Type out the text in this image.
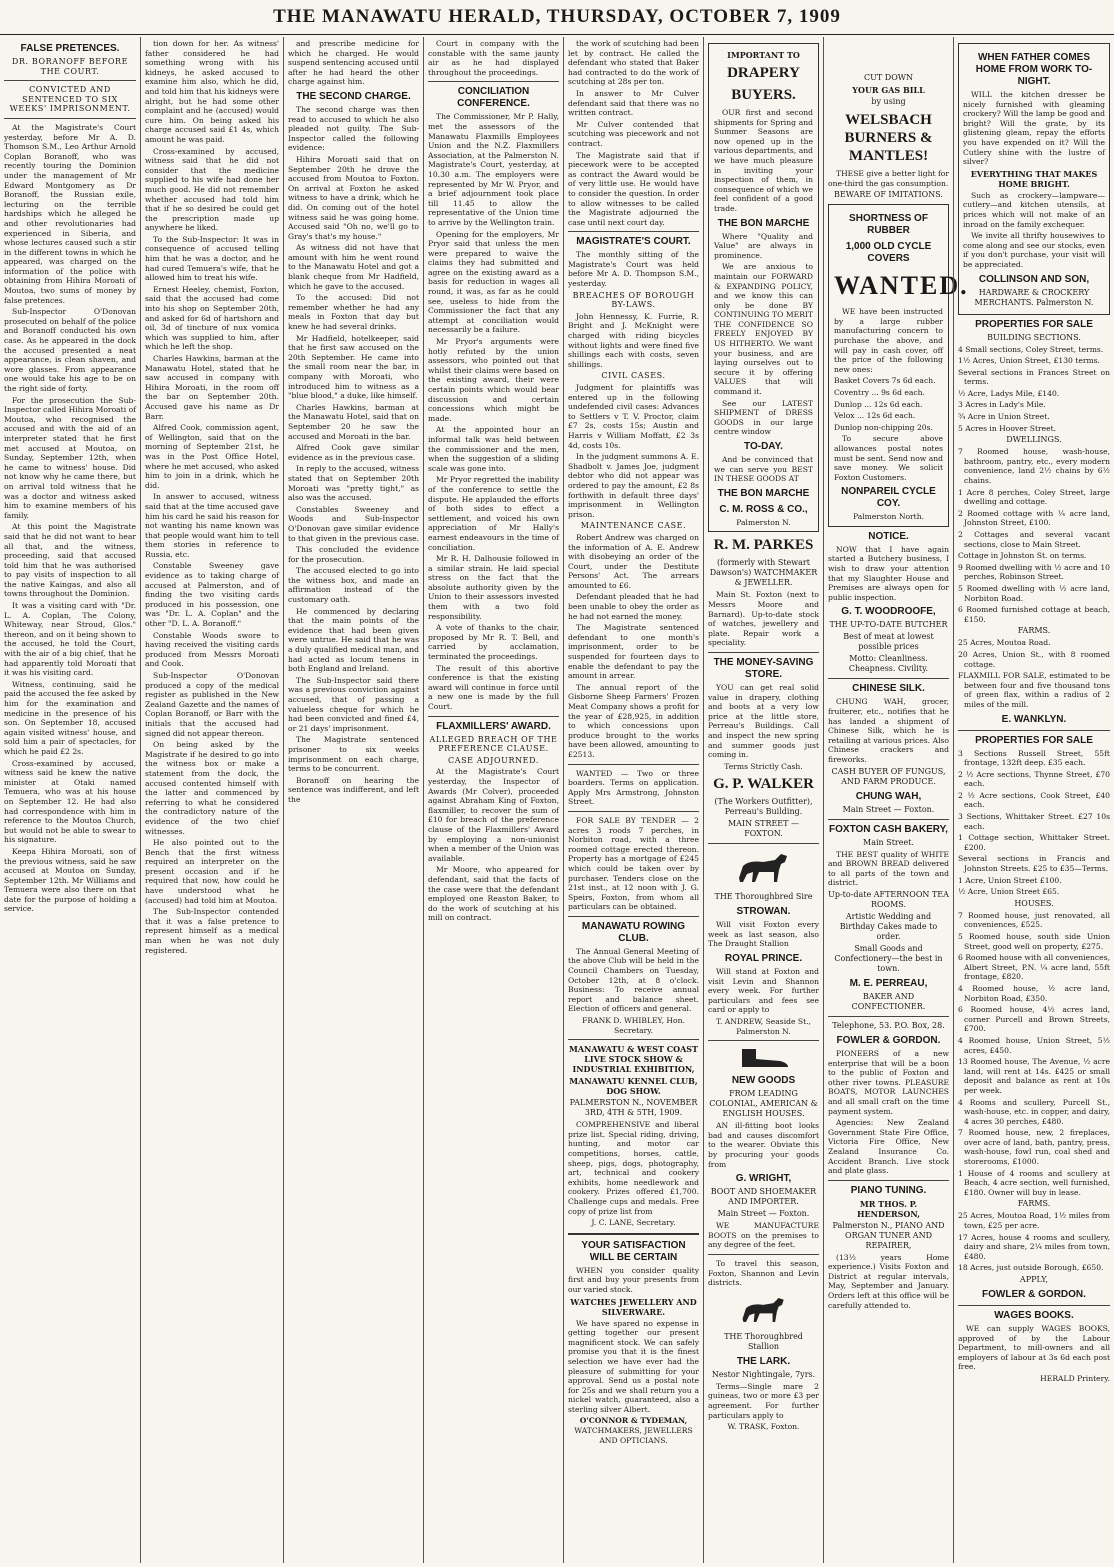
THE MANAWATU HERALD, THURSDAY, OCTOBER 7, 1909
FALSE PRETENCES.
DR. BORANOFF BEFORE THE COURT.
CONVICTED AND SENTENCED TO SIX WEEKS' IMPRISONMENT.

At the Magistrate's Court yesterday, before Mr A. D. Thomson S.M., Leo Arthur Arnold Coplan Boranoff, who was recently touring the Dominion under the management of Mr Edward Montgomery as Dr Boranoff, the Russian exile, lecturing on the terrible hardships which he alleged he and other revolutionaries had experienced in Siberia, and whose lectures caused such a stir in the different towns in which he appeared, was charged on the information of the police with obtaining from Hihira Moroati of Moutoa, two sums of money by false pretences.

Sub-Inspector O'Donovan prosecuted on behalf of the police and Boranoff conducted his own case. As he appeared in the dock the accused presented a neat appearance, is clean shaven, and wore glasses. From appearance one would take his age to be on the right side of forty.

For the prosecution the Sub-Inspector called Hihira Moroati of Moutoa, who recognised the accused and with the aid of an interpreter stated that he first met accused at Moutoa, on Sunday, September 12th, when he came to witness' house. Did not know why he came there, but on arrival told witness that he was a doctor and witness asked him to examine members of his family.

At this point the Magistrate said that he did not want to hear all that, and the witness, proceeding, said that accused told him that he was authorised to pay visits of inspection to all the native Kaingas, and also all towns throughout the Dominion.

It was a visiting card with "Dr. L. A. Coplan, The Colony, Whiteway, near Stroud, Glos." thereon, and on it being shown to the accused, he told the Court, with the air of a big chief, that he had apparently told Moroati that it was his visiting card.

Witness, continuing, said he paid the accused the fee asked by him for the examination and medicine in the presence of his son. On September 18, accused again visited witness' house, and sold him a pair of spectacles, for which he paid £2 2s.

Cross-examined by accused, witness said he knew the native minister at Otaki named Temuera, who was at his house on September 12. He had also had correspondence with him in reference to the Moutoa Church, but would not be able to swear to his signature.

Keepa Hihira Moroati, son of the previous witness, said he saw accused at Moutoa on Sunday, September 12th. Mr Williams and Temuera were also there on that date for the purpose of holding a service.

tion down for her. As witness' father considered he had something wrong with his kidneys, he asked accused to examine him also, which he did, and told him that his kidneys were alright, but he had some other complaint and he (accused) would cure him. On being asked his charge accused said £1 4s, which amount he was paid.

Cross-examined by accused, witness said that he did not consider that the medicine supplied to his wife had done her much good. He did not remember whether accused had told him that if he so desired he could get the prescription made up anywhere he liked.

To the Sub-Inspector: It was in consequence of accused telling him that he was a doctor, and he had cured Temuera's wife, that he allowed him to treat his wife.

Ernest Heeley, chemist, Foxton, said that the accused had come into his shop on September 20th, and asked for 6d of hartshorn and oil, 3d of tincture of nux vomica which was supplied to him, after which he left the shop.

Charles Hawkins, barman at the Manawatu Hotel, stated that he saw accused in company with Hihira Moroati, in the room off the bar on September 20th. Accused gave his name as Dr Barr.

Alfred Cook, commission agent, of Wellington, said that on the morning of September 21st, he was in the Post Office Hotel, where he met accused, who asked him to join in a drink, which he did.

In answer to accused, witness said that at the time accused gave him his card he said his reason for not wanting his name known was that people would want him to tell them stories in reference to Russia, etc.

Constable Sweeney gave evidence as to taking charge of accused at Palmerston, and of finding the two visiting cards produced in his possession, one was "Dr. L. A. Coplan" and the other "D. L. A. Boranoff."

Constable Woods swore to having received the visiting cards produced from Messrs Moroati and Cook.

Sub-Inspector O'Donovan produced a copy of the medical register as published in the New Zealand Gazette and the names of Coplan Boranoff, or Barr with the initials that the accused had signed did not appear thereon.

On being asked by the Magistrate if he desired to go into the witness box or make a statement from the dock, the accused contented himself with the latter and commenced by referring to what he considered the contradictory nature of the evidence of the two chief witnesses.

He also pointed out to the Bench that the first witness required an interpreter on the present occasion and if he required that now, how could he have understood what he (accused) had told him at Moutoa.

The Sub-Inspector contended that it was a false pretence to represent himself as a medical man when he was not duly registered.

and prescribe medicine for which he charged. He would suspend sentencing accused until after he had heard the other charge against him.

THE SECOND CHARGE.

The second charge was then read to accused to which he also pleaded not guilty. The Sub-Inspector called the following evidence:

Hihira Moroati said that on September 20th he drove the accused from Moutoa to Foxton. On arrival at Foxton he asked witness to have a drink, which he did. On coming out of the hotel witness said he was going home. Accused said "Oh no, we'll go to Gray's that's my house."

As witness did not have that amount with him he went round to the Manawatu Hotel and got a blank cheque from Mr Hadfield, which he gave to the accused.

To the accused: Did not remember whether he had any meals in Foxton that day but knew he had several drinks.

Mr Hadfield, hotelkeeper, said that he first saw accused on the 20th September. He came into the small room near the bar, in company with Moroati, who introduced him to witness as a "blue blood," a duke, like himself.

Charles Hawkins, barman at the Manawatu Hotel, said that on September 20 he saw the accused and Moroati in the bar.

Alfred Cook gave similar evidence as in the previous case.

In reply to the accused, witness stated that on September 20th Moroati was "pretty tight," as also was the accused.

Constables Sweeney and Woods and Sub-Inspector O'Donovan gave similar evidence to that given in the previous case.

This concluded the evidence for the prosecution.

The accused elected to go into the witness box, and made an affirmation instead of the customary oath.

He commenced by declaring that the main points of the evidence that had been given were untrue. He said that he was a duly qualified medical man, and had acted as locum tenens in both England and Ireland.

The Sub-Inspector said there was a previous conviction against accused, that of passing a valueless cheque for which he had been convicted and fined £4, or 21 days' imprisonment.

The Magistrate sentenced prisoner to six weeks imprisonment on each charge, terms to be concurrent.

Boranoff on hearing the sentence was indifferent, and left the

Court in company with the constable with the same jaunty air as he had displayed throughout the proceedings.

CONCILIATION CONFERENCE.

The Commissioner, Mr P. Hally, met the assessors of the Manawatu Flaxmills Employees Union and the N.Z. Flaxmillers Association, at the Palmerston N. Magistrate's Court, yesterday, at 10.30 a.m. The employers were represented by Mr W. Pryor, and a brief adjournment took place till 11.45 to allow the representative of the Union time to arrive by the Wellington train.

Opening for the employers, Mr Pryor said that unless the men were prepared to waive the claims they had submitted and agree on the existing award as a basis for reduction in wages all round, it was, as far as he could see, useless to hide from the Commissioner the fact that any attempt at conciliation would necessarily be a failure.

Mr Pryor's arguments were hotly refuted by the union assessors, who pointed out that whilst their claims were based on the existing award, their were certain points which would bear discussion and certain concessions which might be made.

At the appointed hour an informal talk was held between the commissioner and the men, when the suggestion of a sliding scale was gone into.

Mr Pryor regretted the inability of the conference to settle the dispute. He applauded the efforts of both sides to effect a settlement, and voiced his own appreciation of Mr Hally's earnest endeavours in the time of conciliation.

Mr R. H. Dalhousie followed in a similar strain. He laid special stress on the fact that the absolute authority given by the Union to their assessors invested them with a two fold responsibility.

A vote of thanks to the chair, proposed by Mr R. T. Bell, and carried by acclamation, terminated the proceedings.

The result of this abortive conference is that the existing award will continue in force until a new one is made by the full Court.

FLAXMILLERS' AWARD.
ALLEGED BREACH OF THE PREFERENCE CLAUSE.
CASE ADJOURNED.

At the Magistrate's Court yesterday, the Inspector of Awards (Mr Colver), proceeded against Abraham King of Foxton, flaxmiller, to recover the sum of £10 for breach of the preference clause of the Flaxmillers' Award by employing a non-unionist when a member of the Union was available.

Mr Moore, who appeared for defendant, said that the facts of the case were that the defendant employed one Reaston Baker, to do the work of scutching at his mill on contract.

the work of scutching had been let by contract. He called the defendant who stated that Baker had contracted to do the work of scutching at 28s per ton.

In answer to Mr Culver defendant said that there was no written contract.

Mr Culver contended that scutching was piecework and not contract.

The Magistrate said that if piecework were to be accepted as contract the Award would be of very little use. He would have to consider the question. In order to allow witnesses to be called the Magistrate adjourned the case until next court day.

MAGISTRATE'S COURT.

The monthly sitting of the Magistrate's Court was held before Mr A. D. Thompson S.M., yesterday.

BREACHES OF BOROUGH BY-LAWS.

John Hennessy, K. Furrie, R. Bright and J. McKnight were charged with riding bicycles without lights and were fined five shillings each with costs, seven shillings.

CIVIL CASES.

Judgment for plaintiffs was entered up in the following undefended civil cases: Advances to Settlers v T. V. Proctor, claim £7 2s, costs 15s; Austin and Harris v William Moffatt, £2 3s 4d, costs 10s.

In the judgment summons A. E. Shadbolt v. James Joe, judgment debtor who did not appear was ordered to pay the amount, £2 8s forthwith in default three days' imprisonment in Wellington prison.

MAINTENANCE CASE.

Robert Andrew was charged on the information of A. E. Andrew with disobeying an order of the Court, under the Destitute Persons' Act. The arrears amounted to £6.

Defendant pleaded that he had been unable to obey the order as he had not earned the money.

The Magistrate sentenced defendant to one month's imprisonment, order to be suspended for fourteen days to enable the defendant to pay the amount in arrear.

The annual report of the Gisborne Sheep Farmers' Frozen Meat Company shows a profit for the year of £28,925, in addition to which concessions upon produce brought to the works have been allowed, amounting to £2513.

WANTED — Two or three boarders. Terms on application. Apply Mrs Armstrong, Johnston Street.

FOR SALE BY TENDER — 2 acres 3 roods 7 perches, in Norbiton road, with a three roomed cottage erected thereon. Property has a mortgage of £245 which could be taken over by purchaser. Tenders close on the 21st inst., at 12 noon with J. G. Speirs, Foxton, from whom all particulars can be obtained.

MANAWATU ROWING CLUB.

The Annual General Meeting of the above Club will be held in the Council Chambers on Tuesday, October 12th, at 8 o'clock. Business: To receive annual report and balance sheet. Election of officers and general.

FRANK D. WHIBLEY, Hon. Secretary.
MANAWATU & WEST COAST LIVE STOCK SHOW & INDUSTRIAL EXHIBITION,
MANAWATU KENNEL CLUB, DOG SHOW.
PALMERSTON N., NOVEMBER 3RD, 4TH & 5TH, 1909.

COMPREHENSIVE and liberal prize list. Special riding, driving, hunting, and motor car competitions, horses, cattle, sheep, pigs, dogs, photography, art, technical and cookery exhibits, home needlework and cookery. Prizes offered £1,700. Challenge cups and medals. Free copy of prize list from

J. C. LANE, Secretary.
YOUR SATISFACTION WILL BE CERTAIN

WHEN you consider quality first and buy your presents from our varied stock.

WATCHES JEWELLERY AND SILVERWARE.

We have spared no expense in getting together our present magnificent stock. We can safely promise you that it is the finest selection we have ever had the pleasure of submitting for your approval. Send us a postal note for 25s and we shall return you a nickel watch, guaranteed, also a sterling silver Albert.

O'CONNOR & TYDEMAN,
WATCHMAKERS, JEWELLERS AND OPTICIANS.
IMPORTANT TO
DRAPERY
BUYERS.

OUR first and second shipments for Spring and Summer Seasons are now opened up in the various departments, and we have much pleasure in inviting your inspection of them, in consequence of which we feel confident of a good trade.

THE BON MARCHE

Where "Quality and Value" are always in prominence.

We are anxious to maintain our FORWARD & EXPANDING POLICY, and we know this can only be done BY CONTINUING TO MERIT THE CONFIDENCE SO FREELY ENJOYED BY US HITHERTO. We want your business, and are laying ourselves out to secure it by offering VALUES that will command it.

See our LATEST SHIPMENT of DRESS GOODS in our large centre window

TO-DAY.

And be convinced that we can serve you BEST IN THESE GOODS AT

THE BON MARCHE
C. M. ROSS & CO.,
Palmerston N.
R. M. PARKES
(formerly with Stewart Dawson's) WATCHMAKER & JEWELLER.

Main St. Foxton (next to Messrs Moore and Barnard). Up-to-date stock of watches, jewellery and plate. Repair work a speciality.

THE MONEY-SAVING STORE.

YOU can get real solid value in drapery, clothing and boots at a very low price at the little store, Perreau's Buildings. Call and inspect the new spring and summer goods just coming in.

Terms Strictly Cash.
G. P. WALKER
(The Workers Outfitter), Perreau's Building.
MAIN STREET — FOXTON.
THE Thoroughbred Sire
STROWAN.

Will visit Foxton every week as last season, also The Draught Stallion

ROYAL PRINCE.

Will stand at Foxton and visit Levin and Shannon every week. For further particulars and fees see card or apply to

T. ANDREW, Seaside St., Palmerston N.
NEW GOODS
FROM LEADING COLONIAL, AMERICAN & ENGLISH HOUSES.

AN ill-fitting boot looks bad and causes discomfort to the wearer. Obviate this by procuring your goods from

G. WRIGHT,
BOOT AND SHOEMAKER AND IMPORTER.
Main Street — Foxton.

WE MANUFACTURE BOOTS on the premises to any degree of the feet.

To travel this season, Foxton, Shannon and Levin districts.

THE Thoroughbred Stallion
THE LARK.
Nestor Nightingale, 7yrs.

Terms—Single mare 2 guineas, two or more £3 per agreement. For further particulars apply to

W. TRASK, Foxton.
CUT DOWN
YOUR GAS BILL
by using
WELSBACH BURNERS & MANTLES!

THESE give a better light for one-third the gas consumption.

BEWARE OF IMITATIONS.
SHORTNESS OF RUBBER
1,000 OLD CYCLE COVERS
WANTED.

WE have been instructed by a large rubber manufacturing concern to purchase the above, and will pay in cash cover, off the price of the following new ones:

Basket Covers 7s 6d each.
Coventry ... 9s 6d each.
Dunlop ... 12s 6d each.
Velox ... 12s 6d each.
Dunlop non-chipping 20s.

To secure above allowances postal notes must be sent. Send now and save money. We solicit Foxton Customers.

NONPAREIL CYCLE COY.
Palmerston North.
NOTICE.

NOW that I have again started a Butchery business, I wish to draw your attention that my Slaughter House and Premises are always open for public inspection.

G. T. WOODROOFE,
THE UP-TO-DATE BUTCHER
Best of meat at lowest possible prices
Motto: Cleanliness. Cheapness. Civility.
CHINESE SILK.

CHUNG WAH, grocer, fruiterer, etc., notifies that he has landed a shipment of Chinese Silk, which he is retailing at various prices. Also Chinese crackers and fireworks.

CASH BUYER OF FUNGUS, AND FARM PRODUCE.
CHUNG WAH,
Main Street — Foxton.
FOXTON CASH BAKERY,
Main Street.

THE BEST quality of WHITE and BROWN BREAD delivered to all parts of the town and district.

Up-to-date AFTERNOON TEA ROOMS.
Artistic Wedding and Birthday Cakes made to order.
Small Goods and Confectionery—the best in town.
M. E. PERREAU,
BAKER AND CONFECTIONER.
Telephone, 53. P.O. Box, 28.
FOWLER & GORDON.

PIONEERS of a new enterprise that will be a boon to the public of Foxton and other river towns. PLEASURE BOATS, MOTOR LAUNCHES and all small craft on the time payment system.

Agencies: New Zealand Government State Fire Office, Victoria Fire Office, New Zealand Insurance Co. Accident Branch. Live stock and plate glass.

PIANO TUNING.
MR THOS. P. HENDERSON,
Palmerston N., PIANO AND ORGAN TUNER AND REPAIRER,

(13½ years Home experience.) Visits Foxton and District at regular intervals, May, September and January. Orders left at this office will be carefully attended to.

WHEN FATHER COMES HOME FROM WORK TO-NIGHT.

WILL the kitchen dresser be nicely furnished with gleaming crockery? Will the lamp be good and bright? Will the grate, by its glistening gleam, repay the efforts you have expended on it? Will the Cutlery shine with the lustre of silver?

EVERYTHING THAT MAKES HOME BRIGHT.

Such as crockery—lampware—cutlery—and kitchen utensils, at prices which will not make of an inroad on the family exchequer.

We invite all thrifty housewives to come along and see our stocks, even if you don't purchase, your visit will be appreciated.

COLLINSON AND SON,
HARDWARE & CROCKERY MERCHANTS. Palmerston N.
PROPERTIES FOR SALE
BUILDING SECTIONS.
4 Small sections, Coley Street, terms.
1½ Acres, Union Street, £130 terms.
Several sections in Frances Street on terms.
½ Acre, Ladys Mile, £140.
3 Acres in Lady's Mile.
¾ Acre in Union Street.
5 Acres in Hoover Street.
DWELLINGS.
7 Roomed house, wash-house, bathroom, pantry, etc., every modern convenience, land 2½ chains by 6½ chains.
1 Acre 8 perches, Coley Street, large dwelling and cottage.
2 Roomed cottage with ¼ acre land, Johnston Street, £100.
2 Cottages and several vacant sections, close to Main Street.
Cottage in Johnston St. on terms.
9 Roomed dwelling with ½ acre and 10 perches, Robinson Street.
5 Roomed dwelling with ½ acre land, Norbiton Road.
6 Roomed furnished cottage at beach, £150.
FARMS.
25 Acres, Moutoa Road.
20 Acres, Union St., with 8 roomed cottage.
FLAXMILL FOR SALE, estimated to be between four and five thousand tons of green flax, within a radius of 2 miles of the mill.
E. WANKLYN.
PROPERTIES FOR SALE
3 Sections Russell Street, 55ft frontage, 132ft deep. £35 each.
2 ½ Acre sections, Thynne Street, £70 each.
2 ½ Acre sections, Cook Street, £40 each.
3 Sections, Whittaker Street. £27 10s each.
1 Cottage section, Whittaker Street. £200.
Several sections in Francis and Johnston Streets. £25 to £35—Terms.
1 Acre, Union Street £100.
½ Acre, Union Street £65.
HOUSES.
7 Roomed house, just renovated, all conveniences, £525.
5 Roomed house, south side Union Street, good well on property, £275.
6 Roomed house with all conveniences, Albert Street, P.N. ¼ acre land, 55ft frontage, £820.
4 Roomed house, ½ acre land, Norbiton Road, £350.
6 Roomed house, 4½ acres land, corner Purcell and Brown Streets, £700.
4 Roomed house, Union Street, 5½ acres, £450.
13 Roomed house, The Avenue, ½ acre land, will rent at 14s. £425 or small deposit and balance as rent at 10s per week.
4 Rooms and scullery, Purcell St., wash-house, etc. in copper, and dairy, 4 acres 30 perches, £480.
7 Roomed house, new, 2 fireplaces, over acre of land, bath, pantry, press, wash-house, fowl run, coal shed and storerooms, £1000.
1 House of 4 rooms and scullery at Beach, 4 acre section, well furnished, £180. Owner will buy in lease.
FARMS.
25 Acres, Moutoa Road, 1½ miles from town, £25 per acre.
17 Acres, house 4 rooms and scullery, dairy and share, 2¼ miles from town, £480.
18 Acres, just outside Borough, £650.
APPLY,
FOWLER & GORDON.
WAGES BOOKS.

WE can supply WAGES BOOKS, approved of by the Labour Department, to mill-owners and all employers of labour at 3s 6d each post free.

HERALD Printery.
